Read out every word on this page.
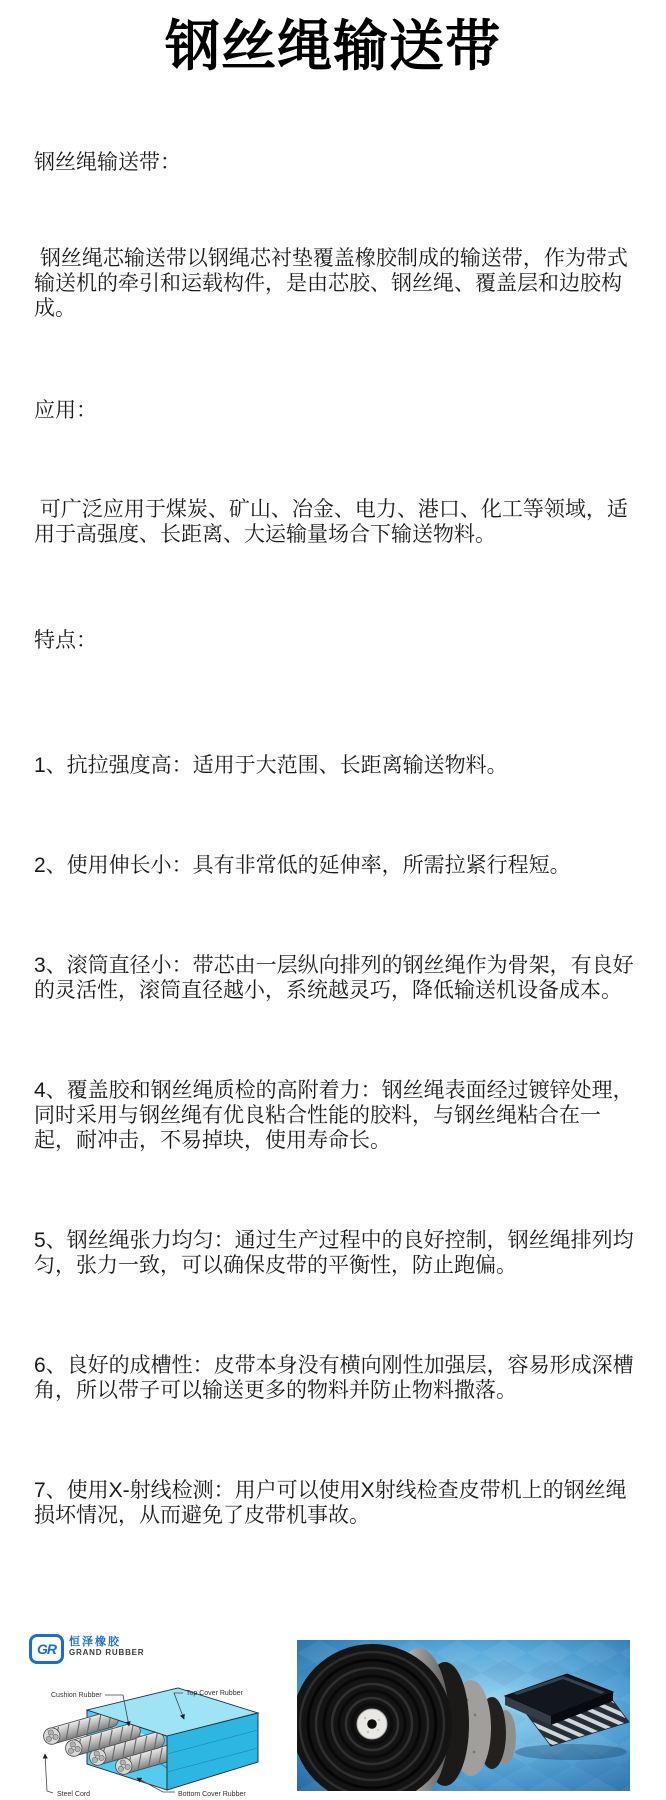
钢丝绳输送带

钢丝绳输送带：

钢丝绳芯输送带以钢绳芯衬垫覆盖橡胶制成的输送带，作为带式输送机的牵引和运载构件，是由芯胶、钢丝绳、覆盖层和边胶构成。

应用：

可广泛应用于煤炭、矿山、冶金、电力、港口、化工等领域，适用于高强度、长距离、大运输量场合下输送物料。

特点：

1、抗拉强度高：适用于大范围、长距离输送物料。

2、使用伸长小：具有非常低的延伸率，所需拉紧行程短。

3、滚筒直径小：带芯由一层纵向排列的钢丝绳作为骨架，有良好的灵活性，滚筒直径越小，系统越灵巧，降低输送机设备成本。

4、覆盖胶和钢丝绳质检的高附着力：钢丝绳表面经过镀锌处理，同时采用与钢丝绳有优良粘合性能的胶料，与钢丝绳粘合在一起，耐冲击，不易掉块，使用寿命长。

5、钢丝绳张力均匀：通过生产过程中的良好控制，钢丝绳排列均匀，张力一致，可以确保皮带的平衡性，防止跑偏。

6、良好的成槽性：皮带本身没有横向刚性加强层，容易形成深槽角，所以带子可以输送更多的物料并防止物料撒落。

7、使用X-射线检测：用户可以使用X射线检查皮带机上的钢丝绳损坏情况，从而避免了皮带机事故。

GR	恒泽橡胶
GRAND RUBBER
Cushion Rubber	Top Cover Rubber
Steel Cord	Bottom Cover Rubber
